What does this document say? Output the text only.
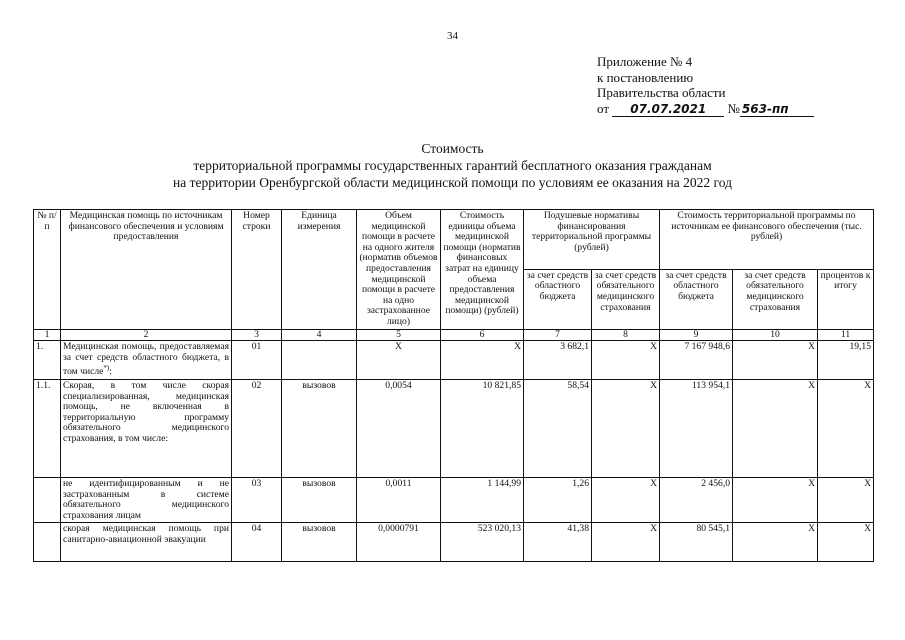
34
Приложение № 4
к постановлению
Правительства области
от 07.07.2021 № 563-пп
Стоимость
территориальной программы государственных гарантий бесплатного оказания гражданам
на территории Оренбургской области медицинской помощи по условиям ее оказания на 2022 год
№ п/п	Медицинская помощь по источникам финансового обеспечения и условиям предоставления	Номер строки	Единица измерения	Объем медицинской помощи в расчете на одного жителя (норматив объемов предоставления медицинской помощи в расчете на одно застрахованное лицо)	Стоимость единицы объема медицинской помощи (норматив финансовых затрат на единицу объема предоставления медицинской помощи) (рублей)	Подушевые нормативы финансирования территориальной программы (рублей)		Стоимость территориальной программы по источникам ее финансового обеспечения (тыс. рублей)		
						за счет средств областного бюджета	за счет средств обязательного медицинского страхования	за счет средств областного бюджета	за счет средств обязательного медицинского страхования	процентов к итогу
1	2	3	4	5	6	7	8	9	10	11
1.	Медицинская помощь, предоставляемая за счет средств областного бюджета, в том числе*):	01		X	X	3 682,1	X	7 167 948,6	X	19,15
1.1.	Скорая, в том числе скорая специализированная, медицинская помощь, не включенная в территориальную программу обязательного медицинского страхования, в том числе:	02	вызовов	0,0054	10 821,85	58,54	X	113 954,1	X	X
	не идентифицированным и не застрахованным в системе обязательного медицинского страхования лицам	03	вызовов	0,0011	1 144,99	1,26	X	2 456,0	X	X
	скорая медицинская помощь при санитарно-авиационной эвакуации	04	вызовов	0,0000791	523 020,13	41,38	X	80 545,1	X	X
